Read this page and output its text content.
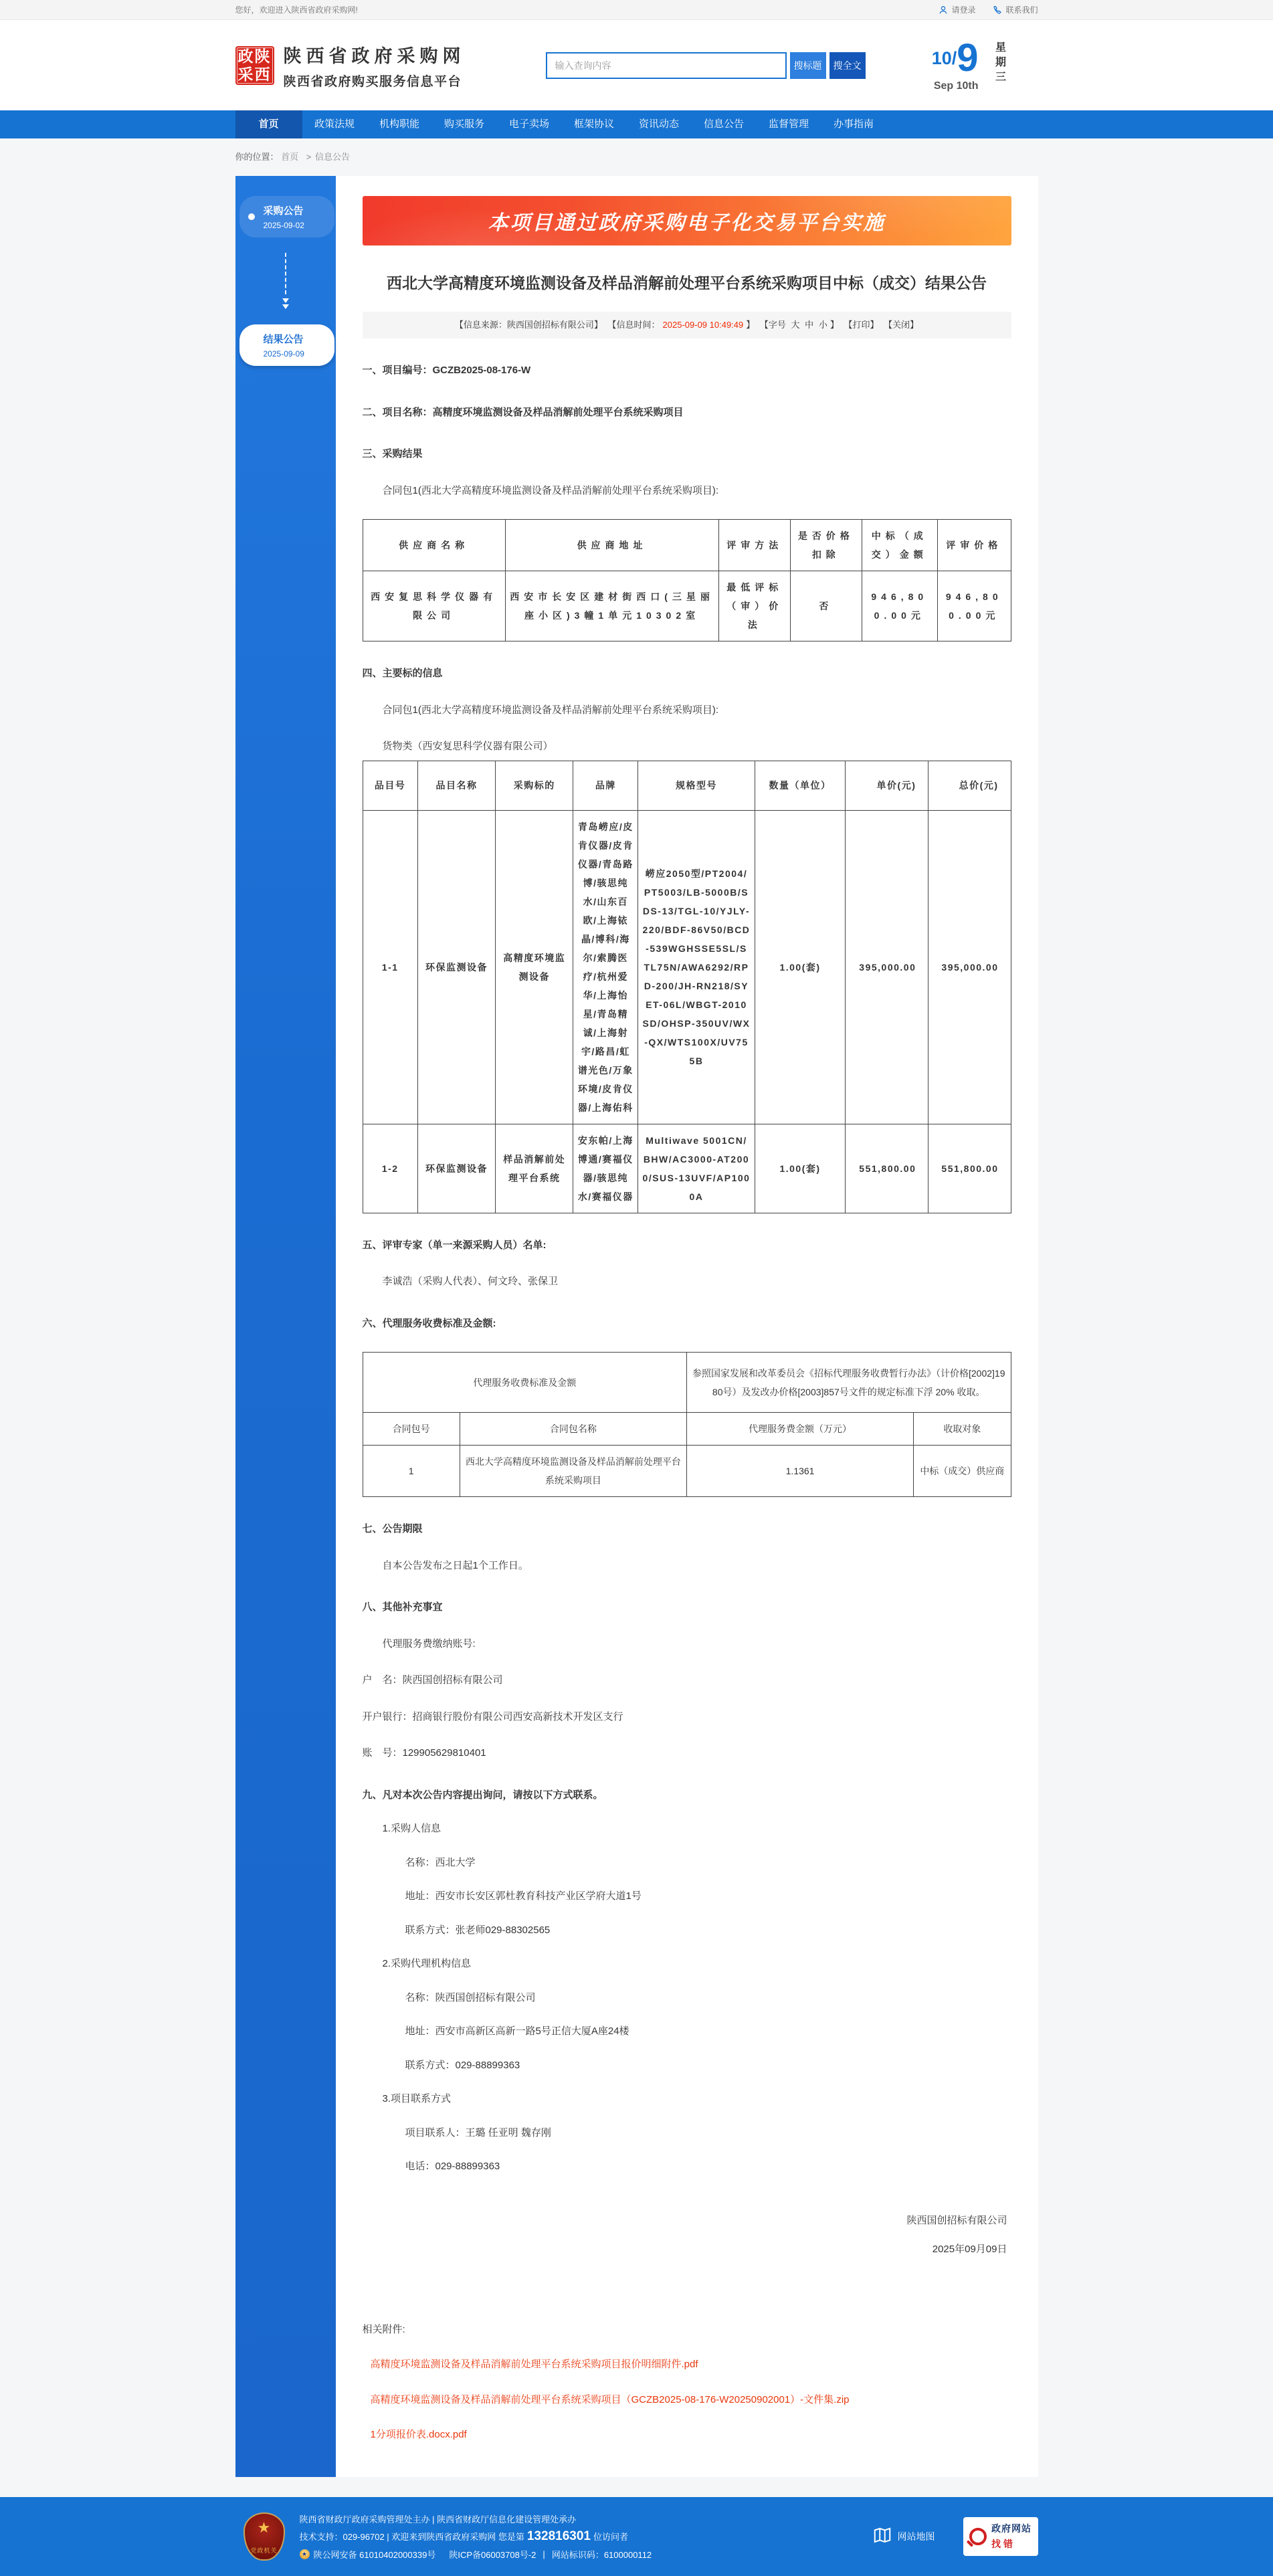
您好，欢迎进入陕西省政府采购网!	请登录	联系我们
政陕
采西
陕西省政府采购网
陕西省政府购买服务信息平台
输入查询内容
搜标题	搜全文	10/ 9
Sep 10th
星期三
首页	政策法规	机构职能	购买服务	电子卖场	框架协议	资讯动态	信息公告	监督管理	办事指南
你的位置： 首页 > 信息公告
采购公告
2025-09-02
结果公告
2025-09-09
本项目通过政府采购电子化交易平台实施
西北大学高精度环境监测设备及样品消解前处理平台系统采购项目中标（成交）结果公告
【信息来源：陕西国创招标有限公司】 【信息时间： 2025-09-09 10:49:49 】 【字号 大 中 小 】 【打印】 【关闭】

一、项目编号：GCZB2025-08-176-W

二、项目名称：高精度环境监测设备及样品消解前处理平台系统采购项目

三、采购结果

合同包1(西北大学高精度环境监测设备及样品消解前处理平台系统采购项目):

供应商名称	供应商地址	评审方法	是否价格扣除	中标（成交）金额	评审价格
西安复思科学仪器有限公司	西安市长安区建材街西口(三星丽座小区)3幢1单元10302室	最低评标（审）价法	否	946,800.00元	946,800.00元

四、主要标的信息

合同包1(西北大学高精度环境监测设备及样品消解前处理平台系统采购项目):

货物类（西安复思科学仪器有限公司）

品目号	品目名称	采购标的	品牌	规格型号	数量（单位）	单价(元)	总价(元)
1-1	环保监测设备	高精度环境监测设备	青岛崂应/皮肯仪器/皮肯仪器/青岛路博/骇思纯水/山东百欧/上海铱晶/博科/海尔/索腾医疗/杭州爱华/上海怡星/青岛精诚/上海射宇/路昌/虹谱光色/万象环境/皮肯仪器/上海佑科	崂应2050型/PT2004/PT5003/LB-5000B/SDS-13/TGL-10/YJLY-220/BDF-86V50/BCD-539WGHSSE5SL/STL75N/AWA6292/RPD-200/JH-RN218/SYET-06L/WBGT-2010SD/OHSP-350UV/WX-QX/WTS100X/UV755B	1.00(套)	395,000.00	395,000.00
1-2	环保监测设备	样品消解前处理平台系统	安东帕/上海博通/赛福仪器/骇思纯水/赛福仪器	Multiwave 5001CN/BHW/AC3000-AT2000/SUS-13UVF/AP1000A	1.00(套)	551,800.00	551,800.00

五、评审专家（单一来源采购人员）名单:

李诚浩（采购人代表）、何文玲、张保卫

六、代理服务收费标准及金额:

代理服务收费标准及金额		参照国家发展和改革委员会《招标代理服务收费暂行办法》（计价格[2002]1980号）及发改办价格[2003]857号文件的规定标准下浮 20% 收取。	
合同包号	合同包名称	代理服务费金额（万元）	收取对象
1	西北大学高精度环境监测设备及样品消解前处理平台系统采购项目	1.1361	中标（成交）供应商

七、公告期限

自本公告发布之日起1个工作日。

八、其他补充事宜

代理服务费缴纳账号:

户　名：陕西国创招标有限公司

开户银行：招商银行股份有限公司西安高新技术开发区支行

账　号：129905629810401

九、凡对本次公告内容提出询问，请按以下方式联系。

1.采购人信息

名称：西北大学

地址：西安市长安区郭杜教育科技产业区学府大道1号

联系方式：张老师029-88302565

2.采购代理机构信息

名称：陕西国创招标有限公司

地址：西安市高新区高新一路5号正信大厦A座24楼

联系方式：029-88899363

3.项目联系方式

项目联系人：王璐 任亚明 魏存刚

电话：029-88899363

陕西国创招标有限公司
2025年09月09日
相关附件:
高精度环境监测设备及样品消解前处理平台系统采购项目报价明细附件.pdf
高精度环境监测设备及样品消解前处理平台系统采购项目（GCZB2025-08-176-W20250902001）-文件集.zip
1分项报价表.docx.pdf
★
党政机关
陕西省财政厅政府采购管理处主办 | 陕西省财政厅信息化建设管理处承办
技术支持：029-96702 | 欢迎来到陕西省政府采购网 您是第 132816301 位访问者
★ 陕公网安备 61010402000339号 陕ICP备06003708号-2 | 网站标识码：6100000112
网站地图
政府网站
找错
